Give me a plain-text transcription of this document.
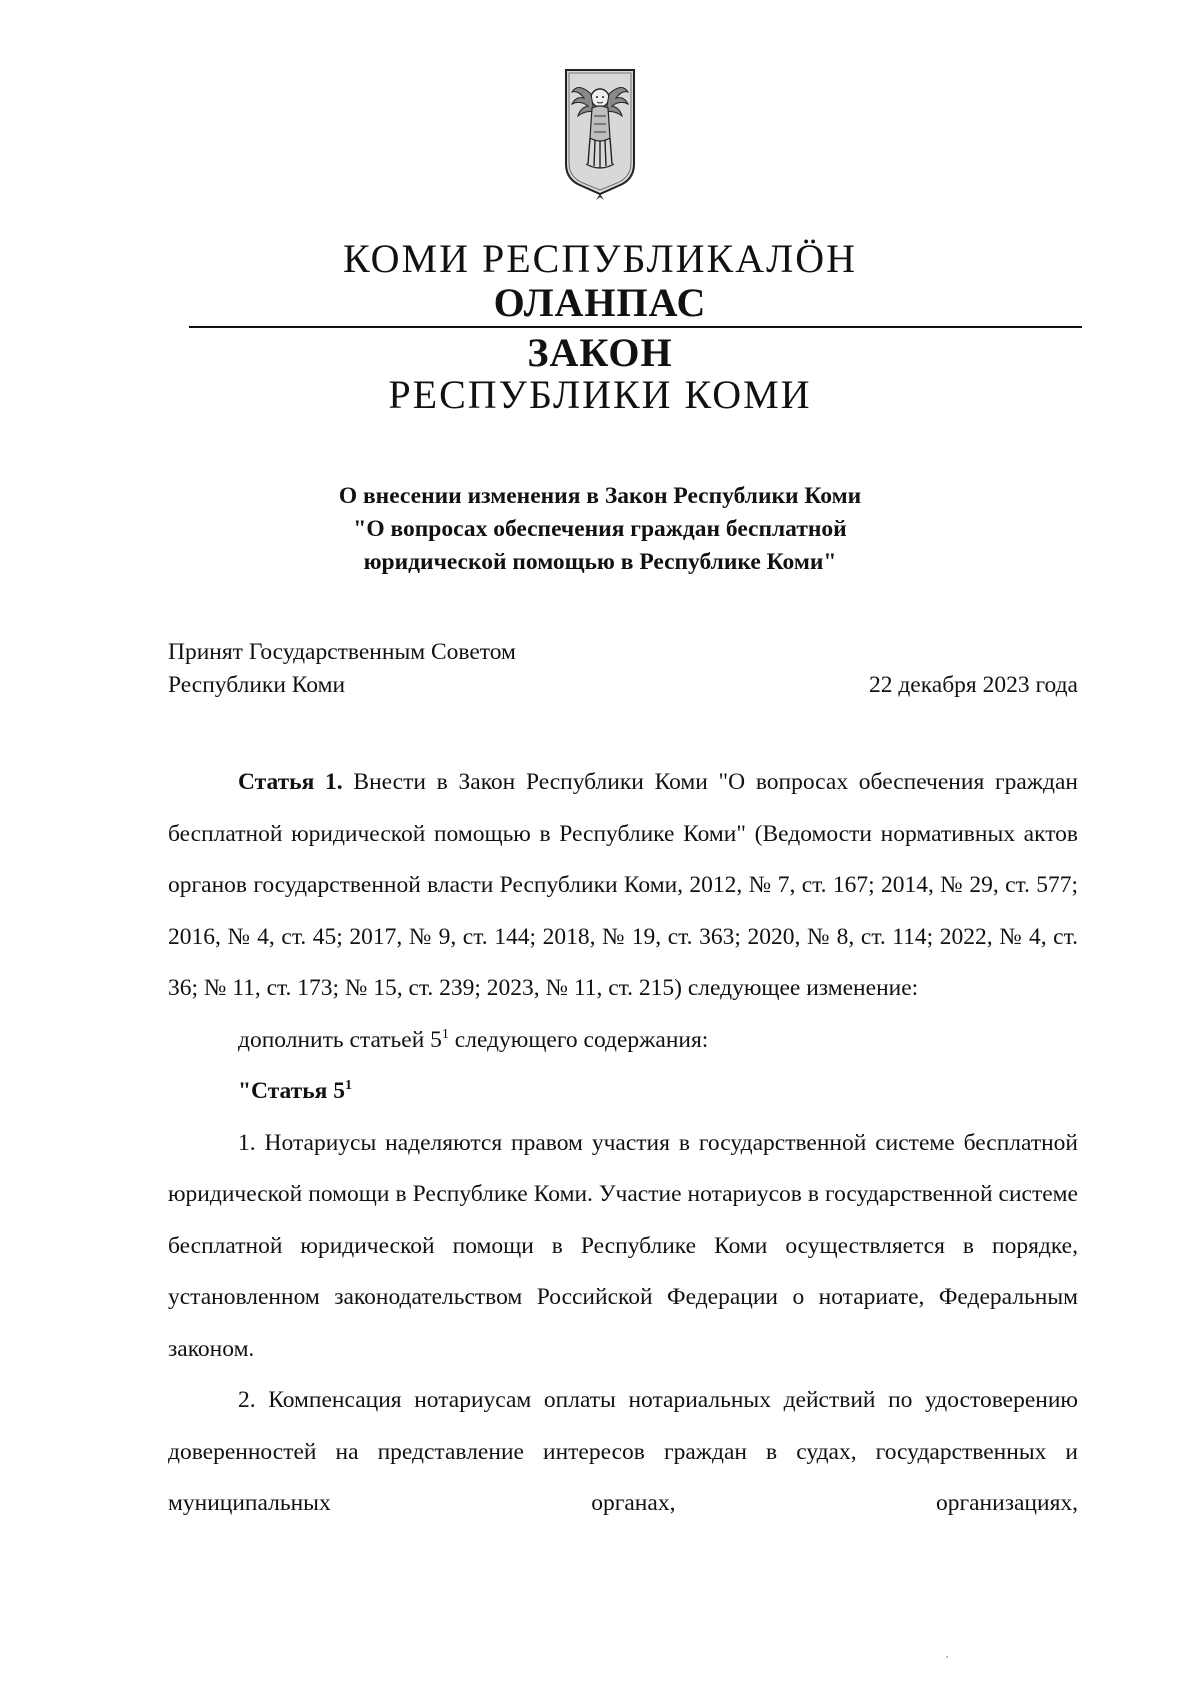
КОМИ РЕСПУБЛИКАЛÖН
ОЛАНПАС
ЗАКОН
РЕСПУБЛИКИ КОМИ
О внесении изменения в Закон Республики Коми
"О вопросах обеспечения граждан бесплатной
юридической помощью в Республике Коми"
Принят Государственным Советом
Республики Коми	22 декабря 2023 года

Статья 1. Внести в Закон Республики Коми "О вопросах обеспечения граждан бесплатной юридической помощью в Республике Коми" (Ведомости нормативных актов органов государственной власти Республики Коми, 2012, № 7, ст. 167; 2014, № 29, ст. 577; 2016, № 4, ст. 45; 2017, № 9, ст. 144; 2018, № 19, ст. 363; 2020, № 8, ст. 114; 2022, № 4, ст. 36; № 11, ст. 173; № 15, ст. 239; 2023, № 11, ст. 215) следующее изменение:

дополнить статьей $5^1$ следующего содержания:

"Статья $5^1$

1. Нотариусы наделяются правом участия в государственной системе бесплатной юридической помощи в Республике Коми. Участие нотариусов в государственной системе бесплатной юридической помощи в Республике Коми осуществляется в порядке, установленном законодательством Российской Федерации о нотариате, Федеральным законом.

2. Компенсация нотариусам оплаты нотариальных действий по удостоверению доверенностей на представление интересов граждан в судах, государственных и муниципальных органах, организациях,
